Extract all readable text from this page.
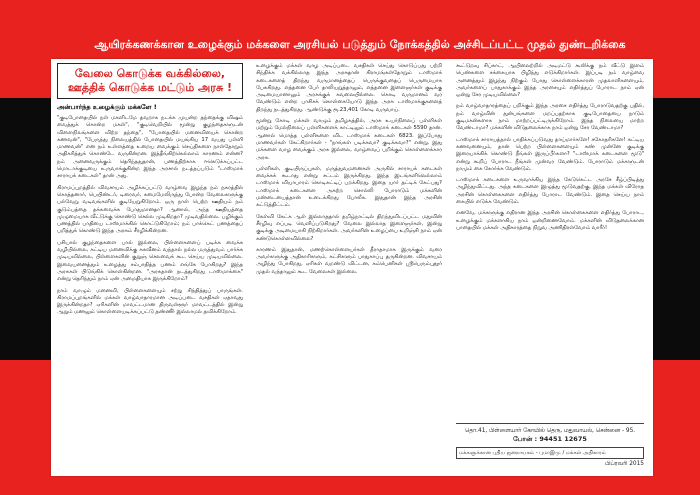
ஆயிரக்கணக்கான உழைக்கும் மக்களை அரசியல் படுத்தும் நோக்கத்தில் அச்சிடப்பட்ட முதல் துண்டறிக்கை
வேலை கொடுக்க வக்கில்லை,
ஊத்திக் கொடுக்க மட்டும் அரசு !
அன்பார்ந்த உழைக்கும் மக்களே !

"குடிபோதையில் நள் மகளிடமே தவறாக நடக்க முயன்ற தந்தைக்கு விஷம் வைத்துக் கொன்ற மகள்", "குடிவெறியில் மூன்று குழந்தைகளுடன் விளைநிலங்களை விற்ற தந்தை", "போதையில் மனைவியைக் கொன்ற கணவன்", "பேருந்து நிலையத்தில் போதையில் மயங்கிய 17 வயது பள்ளி மாணவன்" என நம் உள்ளத்தை உறைய வைக்கும் செய்திகளை நாள்தோறும் அதிகரித்துக் கொண்டே வருகின்றன. இத்தீங்கிற்கெல்லாம் காரணம் என்ன? நம் அனைவருக்கும் தெரிந்ததுதான், பணத்திற்காக ஈகெடுக்கப்பட்ட மொடாக்குடியை உருவாக்குகின்ற இந்த அரசால் நடத்தப்படும் "டாஸ்மாக் சாராயக் கடைகள்" தான் அது.

கிராமப்புறத்தில் விவசாயம் அழிக்கப்பட்டு வாழ்வை இழந்த நம் நகரத்தில் கொத்தனார், பெயிண்டர், டிரைவர், சுமைமேலிருந்து போன்ற வேலைகளுக்கு பல்வேறு வடிவங்களில் குடியேறுகிறோம். ஒரு நாள் பெற்ற ஊதியம் நம் குடும்பத்தை தக்கவைக்க போதுமானதா? ஆனால், அந்த ஊதியத்தை முழுமையாக வீட்டுக்கு கொண்டு செல்ல முடிகிறதா? முடிவதில்லை. பழிக்கும் பணத்தில் பாதியை டாஸ்மாக்கில் கொட்டுகிறோம்; நம் பாக்கெட் பணத்தைப் பறித்துக் கொண்டு இந்த அரசும் சீரழிக்கின்றன.

பசியால் குழந்தைகளை பால் இல்லை, பிள்ளைகளைப் படிக்க வைக்க வழியில்லை, கட்டிய மனைவிக்கு சுகவீனம் வந்தால் நல்ல மருத்துவம் பார்க்க முடியவில்லை, பிள்ளைகளின் குறுஞ் செலவைக் கூட செய்ய முடியவில்லை. இவையனைத்தும் உழைத்து சம்பாதித்த பணம் எங்கே போகிறது? இந்த அரசுகள் பிடுங்கிக் கொள்கின்றன. "அரசுதான் நடத்துகிறது டாஸ்மாக்கை" என்று தெரிந்தும் நாம் ஏன் அமைதியாக இருக்கிறோம்?

நாம் வாழும் மனைவி, பிள்ளைகளையும் சற்று சிந்தித்துப் பாருங்கள். கிராமப்புறங்களில் மக்கள் வாழ்வாதாரமான அடிப்படை வசதிகள் ஏதாவது இருக்கின்றதா? ஏரிகளின் மாவட்டமான திருவள்ளூர் மாவட்டத்தில் இன்று ஆறும் மணலும் கொள்ளையடிக்கப்பட்டு தண்ணீர் இல்லாமல் தவிக்கிறோம்.

உழைக்கும் மக்கள் வாழ அடிப்படை வசதிகள் செய்து கொடுப்பது பற்றி சிந்திக்க வக்கில்லாத இந்த அரசுதான் கிராமங்கள்தோறும் டாஸ்மாக் கடைகளைத் திறந்து வருமானத்தைப் பெருக்குவதைப் பெருமையாக பேசுகிறது. எத்தனை பேர் தாலியறுத்தாலும், எத்தனை இளைஞர்கள் குடிக்கு அடிமையானாலும் அரசுக்குக் கவலையில்லை. கொடி வருமானம் வர வேண்டும் என்ற பாசிசக் கொள்கையோடு இந்த அரசு டாஸ்மாக்குகளைத் திறந்து நடத்துகிறது. ஆண்டுக்கு ரூ.23,401 கோடி வருவாய்.

மூன்று கோடி மக்கள் வாழும் தமிழகத்தில், அரசு உயர்நிலைப் பள்ளிகள் மற்றும் மேல்நிலைப் பள்ளிகளைக் காட்டிலும் டாஸ்மாக் கடைகள் 5590 தான். ஆனால் மொத்த பள்ளிகளை விட டாஸ்மாக் கடைகள் 6823. இப்போது மாணவர்கள் கேட்கிறார்கள் - "நாங்கள் படிக்கவா? குடிக்கவா?" என்று. இது மக்களை வாழ வைக்கும் அரசு இல்லை, வாழ்வைப் பறிக்கும் கொள்ளைக்கார அரசு.

பள்ளிகள், குடியிருப்புகள், மருத்துவமனைகள் அருகில் சாராயக் கடைகள் வைக்கக் கூடாது என்று சட்டம் இருக்கிறது. இந்த இடங்களிலெல்லாம் டாஸ்மாக் வியாபாரம் கொடிகட்டிப் பறக்கிறது. இதை யார் தட்டிக் கேட்பது? டாஸ்மாக் கடைகளை அகற்ற சொல்லி போராடும் மக்களின் மண்டையைத்தான் உடைக்கிறது போலீசு. இதுதான் இந்த அரசின் கட்டுத்திட்டம்.

கேள்வி கேட்க ஆள் இல்லாததால் தமிழ்நாட்டில் திறந்துவிடப்பட்ட மதுவின் சீரழிவு எப்படி வெளிப்படுகிறது? வேலை இல்லாத இளைஞர்கள், இன்று குடிக்கு அடிமையாகி நிற்கிறார்கள். அவர்களின் உழைப்பை உறிஞ்சி நாம் ஏன் கண்டுகொள்ளவில்லை?

காரணம் இதுதான், மணற்கொள்ளையர்கள் தீராதாமாக இருக்கும் வரை அவர்களுக்கு அதிகாரிகளும், கட்சிகளும் பாதுகாப்பு தருகின்றன. விவசாயம் அழிந்து போகிறது, ஏரிகள் வறண்டு விட்டன, கம்பெனிகள் ஸ்ரீபெரும்புதூர் முதல் வந்தாலும் கூட வேலைகள் இல்லை.

கூட்டுறவு சிப்காட், ஆயிலைற்றில் அடிமட்டு கூலிக்கு நம் வீட்டு இளம் பெண்களை சக்கையாக பிழிந்து எடுக்கிறார்கள். இப்படி நம் வாழ்வை அனைத்தும் இழந்து நிற்கும் போது கொள்ளைக்காரன் முதலாளிகளையும், அவர்களைப் பாதுகாக்கும் இந்த அரசையும் எதிர்த்துப் போராட நாம் ஏன் ஒன்று சேர முடியவில்லை?

நம் வாழ்வாதாரத்தைப் பறிக்கும் இந்த அரசை எதிர்த்து போராடுவதற்கு பதில், நம் வாழ்வின் துன்பங்களை மறப்பதற்காக குடிபோதையை நாடும் குடிமகன்களாக நாம் மாற்றப்பட்டிருக்கிறோம். இந்த நிலையை மாற்ற வேண்டாமா? மக்களின் விடுதலைக்காக நாம் ஒன்று சேர வேண்டாமா?

டாஸ்மாக் சாராயத்தால் பாதிக்கப்படுவது தாய்மார்களே! சகோதரிகளே! கட்டிய கணவனையும், தான் பெற்ற பிள்ளைகளையும் கண் முன்னே குடிக்கு இரையாக்கிக் கொண்டு நீங்கள் இருப்பீர்களா? "டாஸ்மாக் கடைகளை மூடு" என்று கூறிப் போராட நீங்கள் முன்வர வேண்டும். போராடும் மக்களுடன் நாமும் கை கோர்க்க வேண்டும்.

டாஸ்மாக் கடைகளை உருவாக்கிய இந்த கேடுகெட்ட அரசே சீழ்ப்பிடித்து அழிந்துவிட்டது. அந்த கடைகளை இழுத்து மூடுவதற்கு, இந்த மக்கள் விரோத அரசின் கொள்கைகளை எதிர்த்து போராட வேண்டும். இதை செய்ய நாம் கையில் எடுக்க வேண்டும்.

எனவே, மக்களுக்கு எதிரான இந்த அரசின் கொள்கைகளை எதிர்த்து போராட, உழைக்கும் மக்களாகிய நாம் ஒன்றிணைவோம். மக்களின் விடுதலைக்கான பாதையில் மக்கள் அதிகாரத்தை நிறுவ அணிதிரள்வோம் வாரீர்!

தொ.41, பிள்ளையார் கோயில் தெரு, மதுவாயல், சென்னை - 95.
போன் : 94451 12675
மக்களுக்கான புதிய ஜனநாயகம் - புமாஇமு / மக்கள் அதிகாரம்
பிப்ரவரி 2015
